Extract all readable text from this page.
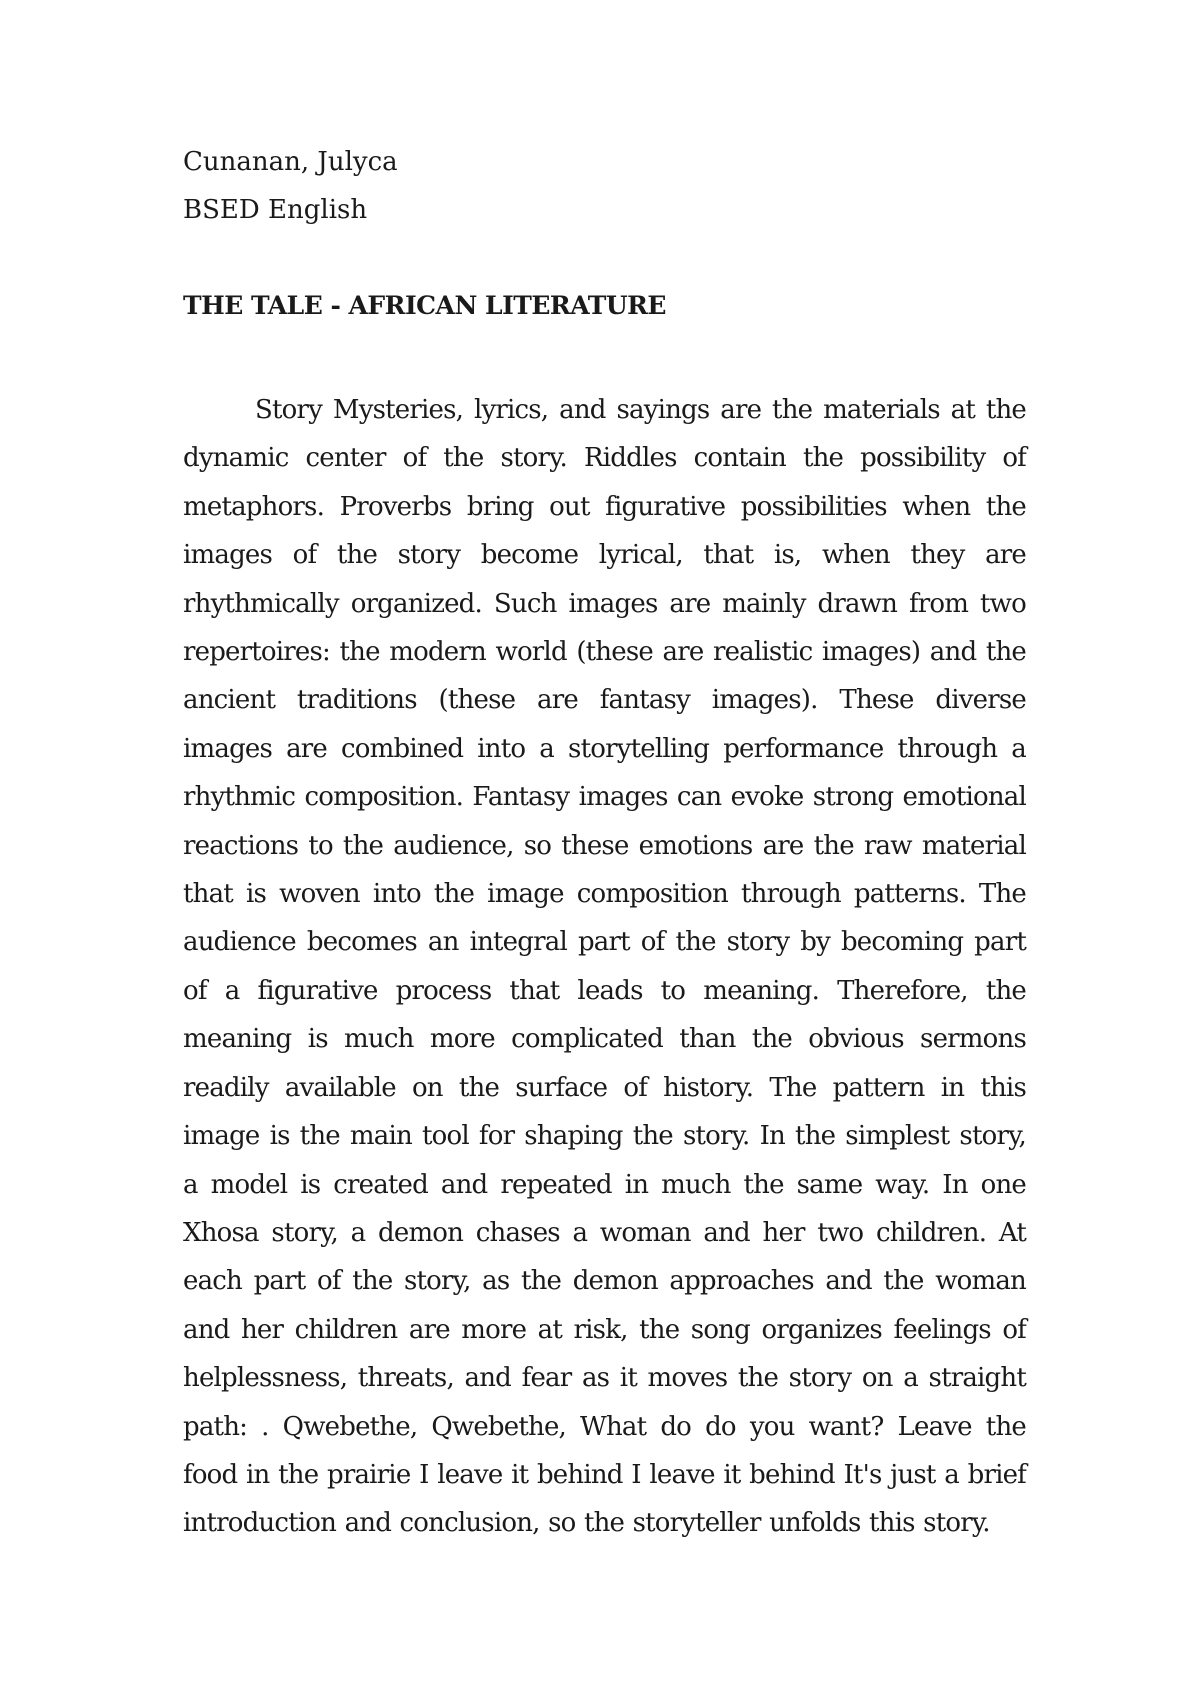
Cunanan, Julyca
BSED English
THE TALE - AFRICAN LITERATURE

Story Mysteries, lyrics, and sayings are the materials at the dynamic center of the story. Riddles contain the possibility of metaphors. Proverbs bring out figurative possibilities when the images of the story become lyrical, that is, when they are rhythmically organized. Such images are mainly drawn from two repertoires: the modern world (these are realistic images) and the ancient traditions (these are fantasy images). These diverse images are combined into a storytelling performance through a rhythmic composition. Fantasy images can evoke strong emotional reactions to the audience, so these emotions are the raw material that is woven into the image composition through patterns. The audience becomes an integral part of the story by becoming part of a figurative process that leads to meaning. Therefore, the meaning is much more complicated than the obvious sermons readily available on the surface of history. The pattern in this image is the main tool for shaping the story. In the simplest story, a model is created and repeated in much the same way. In one Xhosa story, a demon chases a woman and her two children. At each part of the story, as the demon approaches and the woman and her children are more at risk, the song organizes feelings of helplessness, threats, and fear as it moves the story on a straight path: . Qwebethe, Qwebethe, What do do you want? Leave the food in the prairie I leave it behind I leave it behind It's just a brief introduction and conclusion, so the storyteller unfolds this story.
